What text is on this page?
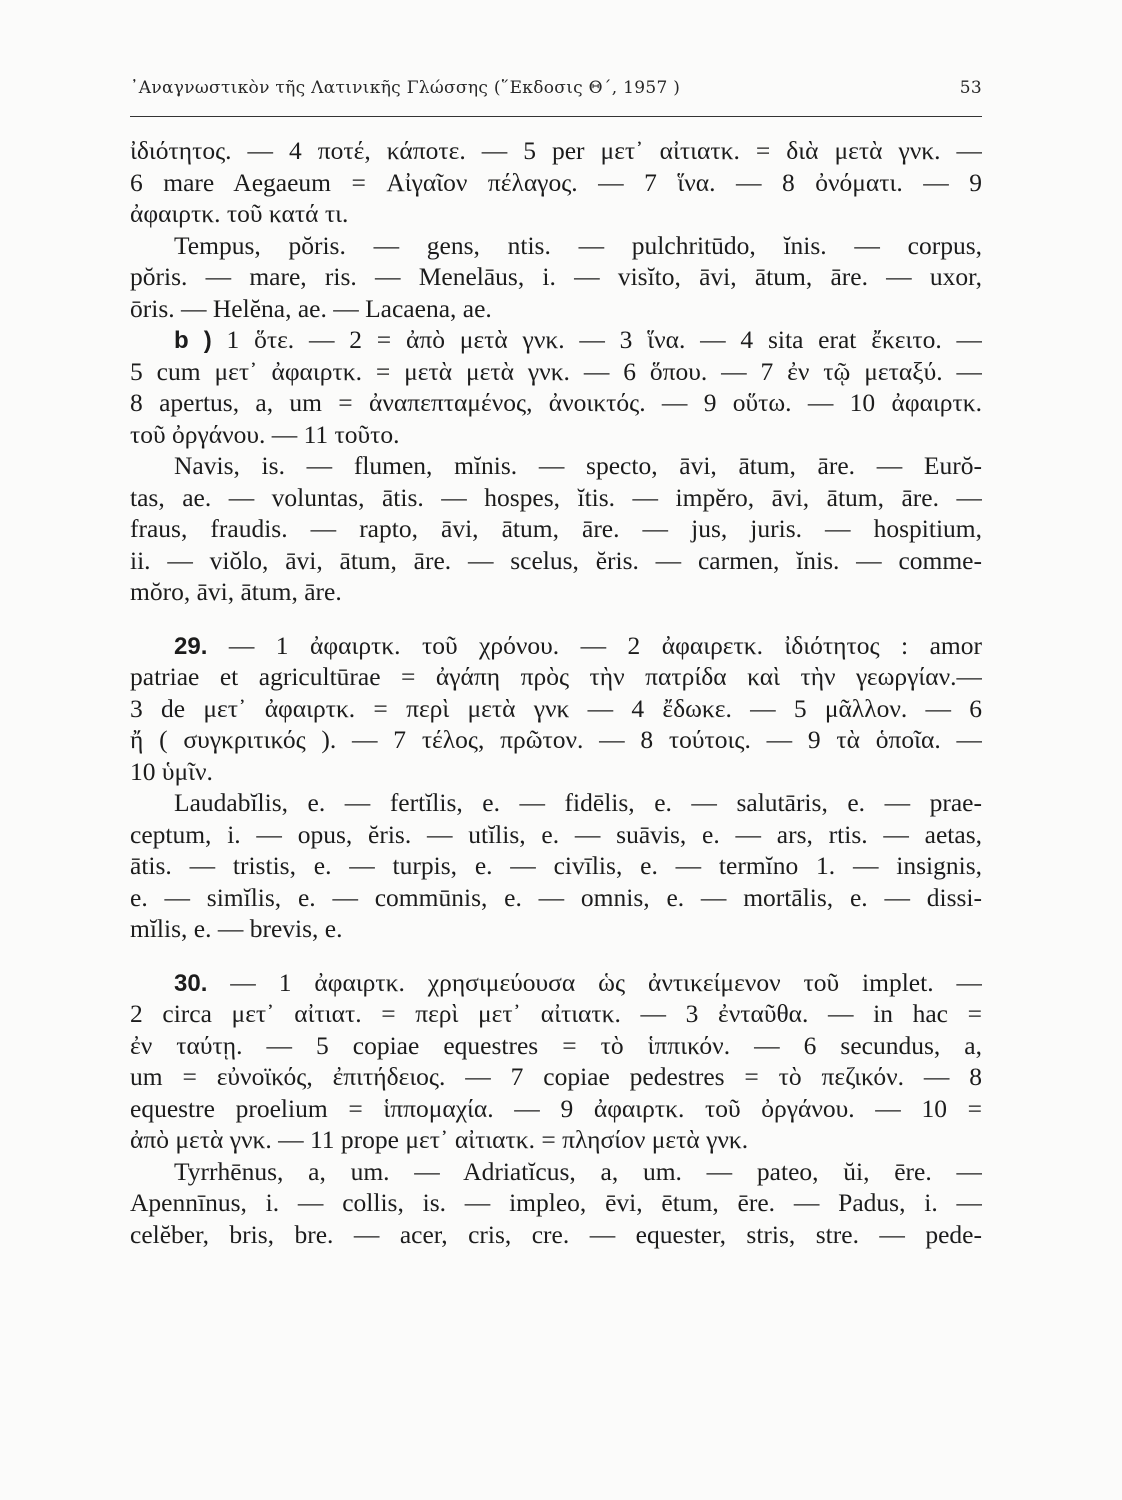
᾿Αναγνωστικὸν τῆς Λατινικῆς Γλώσσης (῞Εκδοσις Θ΄, 1957 )	53
ἰδιότητος. — 4 ποτέ, κάποτε. — 5 per μετ᾿ αἰτιατκ. = διὰ μετὰ γνκ. —
6 mare Aegaeum = Αἰγαῖον πέλαγος. — 7 ἵνα. — 8 ὀνόματι. — 9
ἀφαιρτκ. τοῦ κατά τι.
Tempus, pŏris. — gens, ntis. — pulchritūdo, ĭnis. — corpus,
pŏris. — mare, ris. — Menelāus, i. — visĭto, āvi, ātum, āre. — uxor,
ōris. — Helĕna, ae. — Lacaena, ae.
b ) 1 ὅτε. — 2 = ἀπὸ μετὰ γνκ. — 3 ἵνα. — 4 sita erat ἔκειτο. —
5 cum μετ᾿ ἀφαιρτκ. = μετὰ μετὰ γνκ. — 6 ὅπου. — 7 ἐν τῷ μεταξύ. —
8 apertus, a, um = ἀναπεπταμένος, ἀνοικτός. — 9 οὕτω. — 10 ἀφαιρτκ.
τοῦ ὀργάνου. — 11 τοῦτο.
Navis, is. — flumen, mĭnis. — specto, āvi, ātum, āre. — Eurŏ-
tas, ae. — voluntas, ātis. — hospes, ĭtis. — impĕro, āvi, ātum, āre. —
fraus, fraudis. — rapto, āvi, ātum, āre. — jus, juris. — hospitium,
ii. — viŏlo, āvi, ātum, āre. — scelus, ĕris. — carmen, ĭnis. — comme-
mŏro, āvi, ātum, āre.
29. — 1 ἀφαιρτκ. τοῦ χρόνου. — 2 ἀφαιρετκ. ἰδιότητος : amor
patriae et agricultūrae = ἀγάπη πρὸς τὴν πατρίδα καὶ τὴν γεωργίαν.—
3 de μετ᾿ ἀφαιρτκ. = περὶ μετὰ γνκ — 4 ἔδωκε. — 5 μᾶλλον. — 6
ἤ ( συγκριτικός ). — 7 τέλος, πρῶτον. — 8 τούτοις. — 9 τὰ ὁποῖα. —
10 ὑμῖν.
Laudabĭlis, e. — fertĭlis, e. — fidēlis, e. — salutāris, e. — prae-
ceptum, i. — opus, ĕris. — utĭlis, e. — suāvis, e. — ars, rtis. — aetas,
ātis. — tristis, e. — turpis, e. — civīlis, e. — termĭno 1. — insignis,
e. — simĭlis, e. — commūnis, e. — omnis, e. — mortālis, e. — dissi-
mĭlis, e. — brevis, e.
30. — 1 ἀφαιρτκ. χρησιμεύουσα ὡς ἀντικείμενον τοῦ implet. —
2 circa μετ᾿ αἰτιατ. = περὶ μετ᾿ αἰτιατκ. — 3 ἐνταῦθα. — in hac =
ἐν ταύτῃ. — 5 copiae equestres = τὸ ἱππικόν. — 6 secundus, a,
um = εὐνοϊκός, ἐπιτήδειος. — 7 copiae pedestres = τὸ πεζικόν. — 8
equestre proelium = ἱππομαχία. — 9 ἀφαιρτκ. τοῦ ὀργάνου. — 10 =
ἀπὸ μετὰ γνκ. — 11 prope μετ᾿ αἰτιατκ. = πλησίον μετὰ γνκ.
Tyrrhēnus, a, um. — Adriatĭcus, a, um. — pateo, ŭi, ēre. —
Apennīnus, i. — collis, is. — impleo, ēvi, ētum, ēre. — Padus, i. —
celĕber, bris, bre. — acer, cris, cre. — equester, stris, stre. — pede-
